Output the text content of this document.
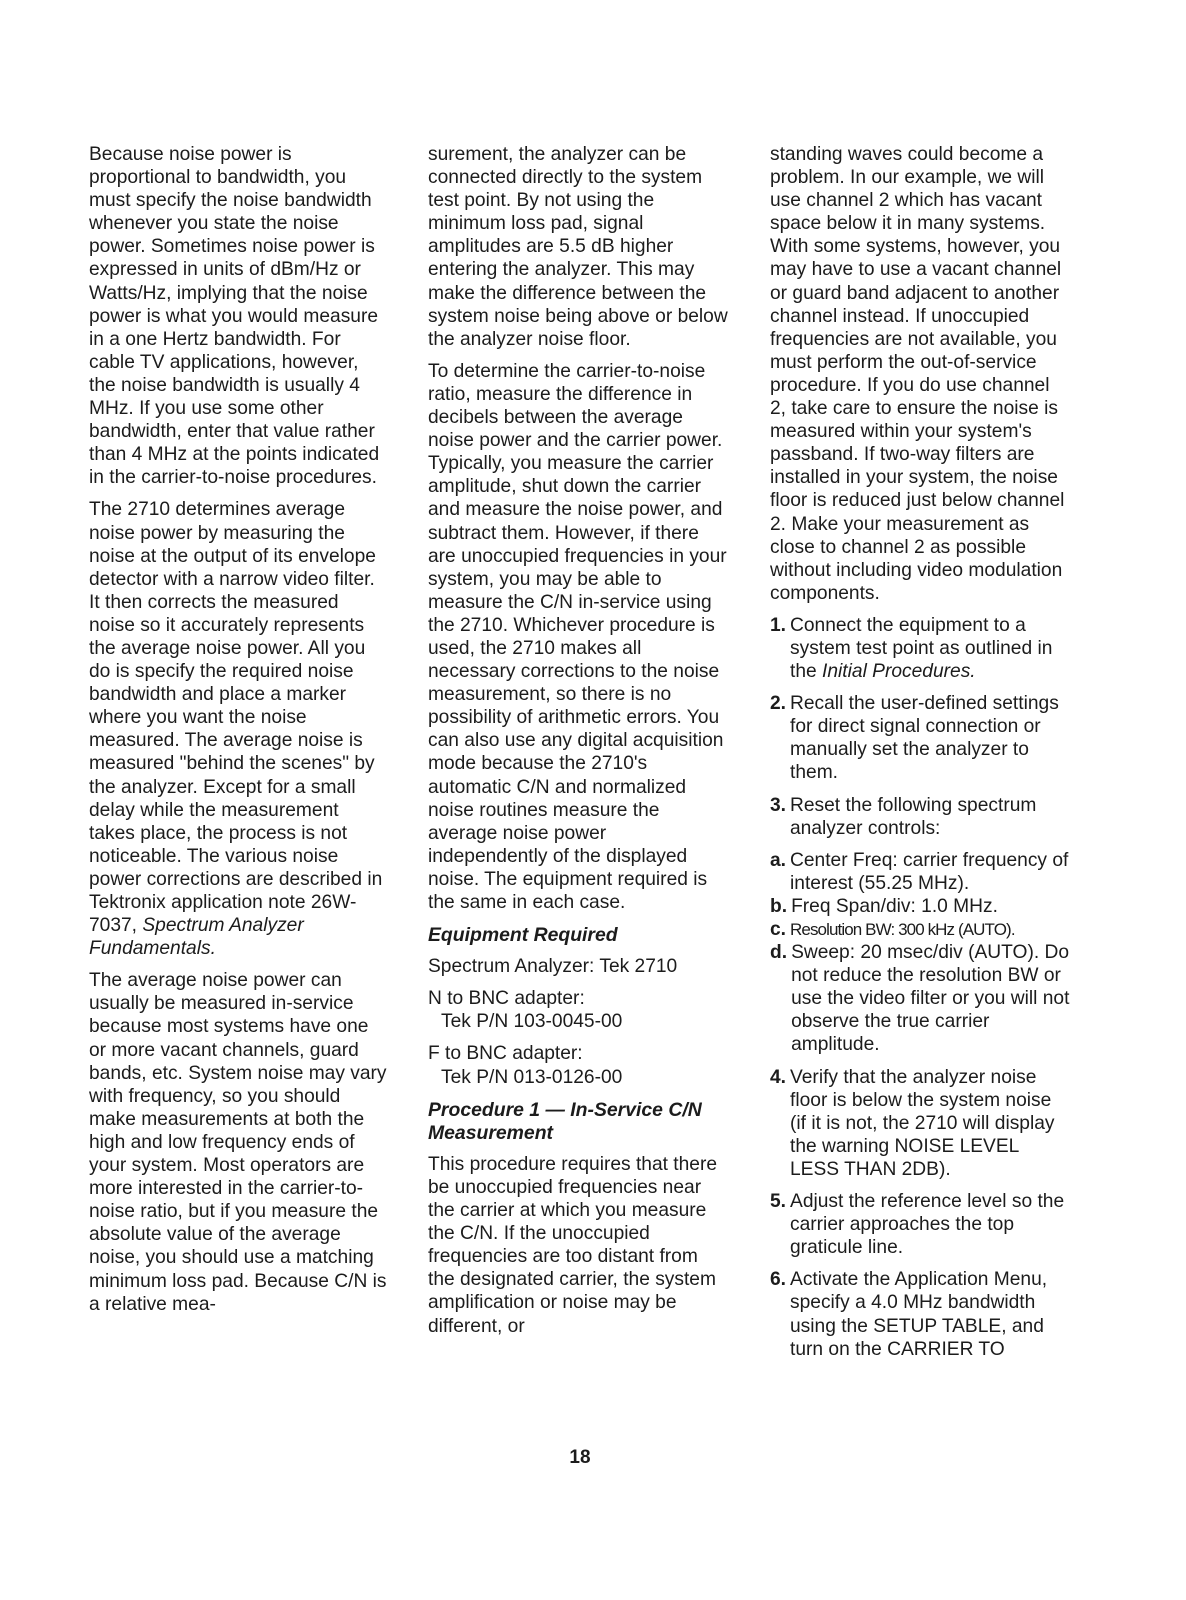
Because noise power is proportional to bandwidth, you must specify the noise bandwidth whenever you state the noise power. Sometimes noise power is expressed in units of dBm/Hz or Watts/Hz, implying that the noise power is what you would measure in a one Hertz bandwidth. For cable TV applications, however, the noise bandwidth is usually 4 MHz. If you use some other bandwidth, enter that value rather than 4 MHz at the points indicated in the carrier-to-noise procedures.

The 2710 determines average noise power by measuring the noise at the output of its envelope detector with a narrow video filter. It then corrects the measured noise so it accurately represents the average noise power. All you do is specify the required noise bandwidth and place a marker where you want the noise measured. The average noise is measured "behind the scenes" by the analyzer. Except for a small delay while the measurement takes place, the process is not noticeable. The various noise power corrections are described in Tektronix application note 26W-7037, Spectrum Analyzer Fundamentals.

The average noise power can usually be measured in-service because most systems have one or more vacant channels, guard bands, etc. System noise may vary with frequency, so you should make measurements at both the high and low frequency ends of your system. Most operators are more interested in the carrier-to-noise ratio, but if you measure the absolute value of the average noise, you should use a matching minimum loss pad. Because C/N is a relative mea-

surement, the analyzer can be connected directly to the system test point. By not using the minimum loss pad, signal amplitudes are 5.5 dB higher entering the analyzer. This may make the difference between the system noise being above or below the analyzer noise floor.

To determine the carrier-to-noise ratio, measure the difference in decibels between the average noise power and the carrier power. Typically, you measure the carrier amplitude, shut down the carrier and measure the noise power, and subtract them. However, if there are unoccupied frequencies in your system, you may be able to measure the C/N in-service using the 2710. Whichever procedure is used, the 2710 makes all necessary corrections to the noise measurement, so there is no possibility of arithmetic errors. You can also use any digital acquisition mode because the 2710's automatic C/N and normalized noise routines measure the average noise power independently of the displayed noise. The equipment required is the same in each case.

Equipment Required

Spectrum Analyzer: Tek 2710

N to BNC adapter:
Tek P/N 103-0045-00
F to BNC adapter:
Tek P/N 013-0126-00
Procedure 1 — In-Service C/N Measurement

This procedure requires that there be unoccupied frequencies near the carrier at which you measure the C/N. If the unoccupied frequencies are too distant from the designated carrier, the system amplification or noise may be different, or

standing waves could become a problem. In our example, we will use channel 2 which has vacant space below it in many systems. With some systems, however, you may have to use a vacant channel or guard band adjacent to another channel instead. If unoccupied frequencies are not available, you must perform the out-of-service procedure. If you do use channel 2, take care to ensure the noise is measured within your system's passband. If two-way filters are installed in your system, the noise floor is reduced just below channel 2. Make your measurement as close to channel 2 as possible without including video modulation components.

1. Connect the equipment to a system test point as outlined in the Initial Procedures.
2. Recall the user-defined settings for direct signal connection or manually set the analyzer to them.
3. Reset the following spectrum analyzer controls:
a. Center Freq: carrier frequency of interest (55.25 MHz).
b. Freq Span/div: 1.0 MHz.
c. Resolution BW: 300 kHz (AUTO).
d. Sweep: 20 msec/div (AUTO). Do not reduce the resolution BW or use the video filter or you will not observe the true carrier amplitude.
4. Verify that the analyzer noise floor is below the system noise (if it is not, the 2710 will display the warning NOISE LEVEL LESS THAN 2DB).
5. Adjust the reference level so the carrier approaches the top graticule line.
6. Activate the Application Menu, specify a 4.0 MHz bandwidth using the SETUP TABLE, and turn on the CARRIER TO
18
